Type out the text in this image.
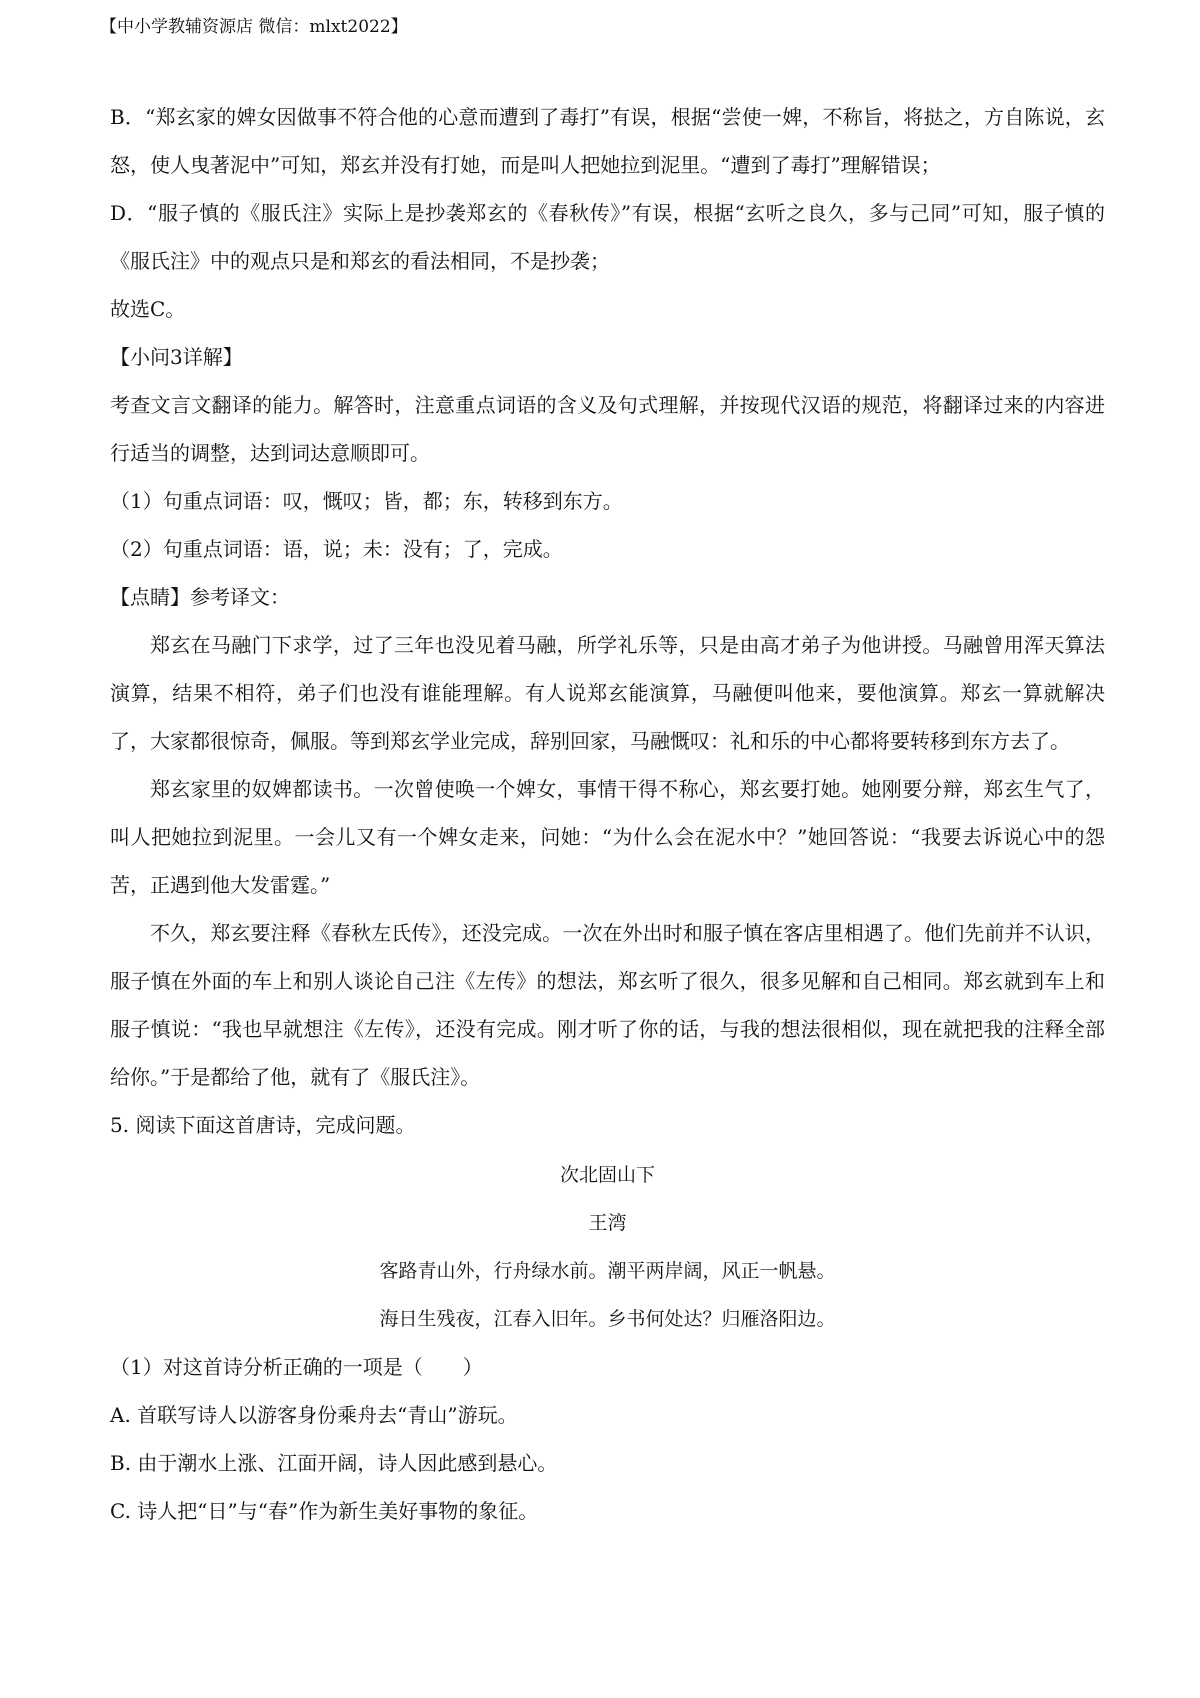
【中小学教辅资源店 微信：mlxt2022】

B．“郑玄家的婢女因做事不符合他的心意而遭到了毒打”有误，根据“尝使一婢，不称旨，将挞之，方自陈说，玄怒，使人曳著泥中”可知，郑玄并没有打她，而是叫人把她拉到泥里。“遭到了毒打”理解错误；

D．“服子慎的《服氏注》实际上是抄袭郑玄的《春秋传》”有误，根据“玄听之良久，多与己同”可知，服子慎的《服氏注》中的观点只是和郑玄的看法相同，不是抄袭；

故选C。

【小问3详解】

考查文言文翻译的能力。解答时，注意重点词语的含义及句式理解，并按现代汉语的规范，将翻译过来的内容进行适当的调整，达到词达意顺即可。

（1）句重点词语：叹，慨叹；皆，都；东，转移到东方。

（2）句重点词语：语，说；未：没有；了，完成。

【点睛】参考译文：

郑玄在马融门下求学，过了三年也没见着马融，所学礼乐等，只是由高才弟子为他讲授。马融曾用浑天算法演算，结果不相符，弟子们也没有谁能理解。有人说郑玄能演算，马融便叫他来，要他演算。郑玄一算就解决了，大家都很惊奇，佩服。等到郑玄学业完成，辞别回家，马融慨叹：礼和乐的中心都将要转移到东方去了。

郑玄家里的奴婢都读书。一次曾使唤一个婢女，事情干得不称心，郑玄要打她。她刚要分辩，郑玄生气了，叫人把她拉到泥里。一会儿又有一个婢女走来，问她：“为什么会在泥水中？”她回答说：“我要去诉说心中的怨苦，正遇到他大发雷霆。”

不久，郑玄要注释《春秋左氏传》，还没完成。一次在外出时和服子慎在客店里相遇了。他们先前并不认识，服子慎在外面的车上和别人谈论自己注《左传》的想法，郑玄听了很久，很多见解和自己相同。郑玄就到车上和服子慎说：“我也早就想注《左传》，还没有完成。刚才听了你的话，与我的想法很相似，现在就把我的注释全部给你。”于是都给了他，就有了《服氏注》。

5. 阅读下面这首唐诗，完成问题。

次北固山下
王湾
客路青山外，行舟绿水前。潮平两岸阔，风正一帆悬。
海日生残夜，江春入旧年。乡书何处达？归雁洛阳边。

（1）对这首诗分析正确的一项是（　　）

A. 首联写诗人以游客身份乘舟去“青山”游玩。

B. 由于潮水上涨、江面开阔，诗人因此感到悬心。

C. 诗人把“日”与“春”作为新生美好事物的象征。
